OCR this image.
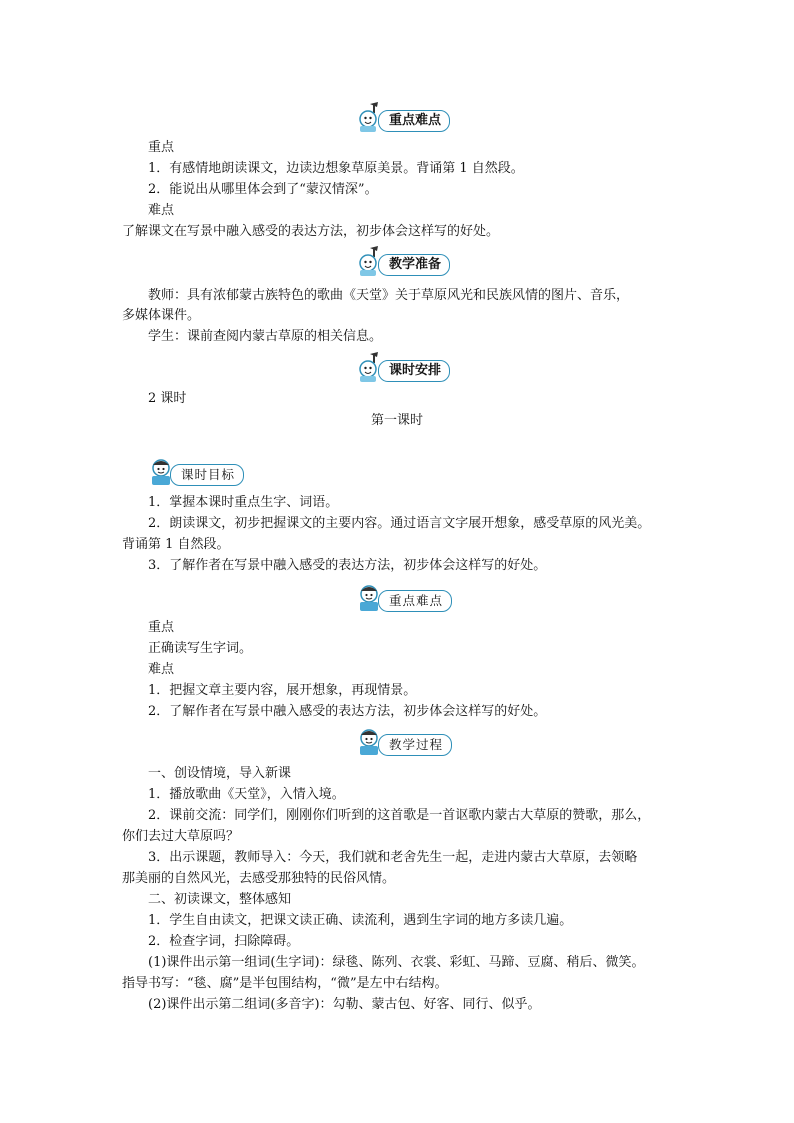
重点难点
重点
1．有感情地朗读课文，边读边想象草原美景。背诵第 1 自然段。
2．能说出从哪里体会到了“蒙汉情深”。
难点
了解课文在写景中融入感受的表达方法，初步体会这样写的好处。
教学准备
教师：具有浓郁蒙古族特色的歌曲《天堂》关于草原风光和民族风情的图片、音乐，
多媒体课件。
学生：课前查阅内蒙古草原的相关信息。
课时安排
2 课时
第一课时
课时目标
1．掌握本课时重点生字、词语。
2．朗读课文，初步把握课文的主要内容。通过语言文字展开想象，感受草原的风光美。
背诵第 1 自然段。
3．了解作者在写景中融入感受的表达方法，初步体会这样写的好处。
重点难点
重点
正确读写生字词。
难点
1．把握文章主要内容，展开想象，再现情景。
2．了解作者在写景中融入感受的表达方法，初步体会这样写的好处。
教学过程
一、创设情境，导入新课
1．播放歌曲《天堂》，入情入境。
2．课前交流：同学们，刚刚你们听到的这首歌是一首讴歌内蒙古大草原的赞歌，那么，
你们去过大草原吗？
3．出示课题，教师导入：今天，我们就和老舍先生一起，走进内蒙古大草原，去领略
那美丽的自然风光，去感受那独特的民俗风情。
二、初读课文，整体感知
1．学生自由读文，把课文读正确、读流利，遇到生字词的地方多读几遍。
2．检查字词，扫除障碍。
(1)课件出示第一组词(生字词)：绿毯、陈列、衣裳、彩虹、马蹄、豆腐、稍后、微笑。
指导书写：“毯、腐”是半包围结构，“微”是左中右结构。
(2)课件出示第二组词(多音字)：勾勒、蒙古包、好客、同行、似乎。
